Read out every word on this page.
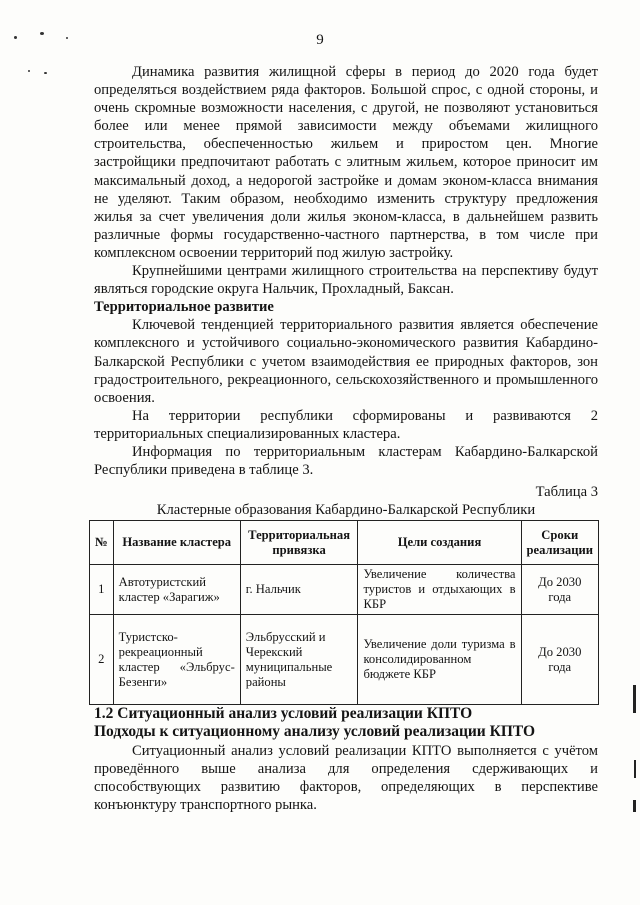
9

Динамика развития жилищной сферы в период до 2020 года будет определяться воздействием ряда факторов. Большой спрос, с одной стороны, и очень скромные возможности населения, с другой, не позволяют установиться более или менее прямой зависимости между объемами жилищного строительства, обеспеченностью жильем и приростом цен. Многие застройщики предпочитают работать с элитным жильем, которое приносит им максимальный доход, а недорогой застройке и домам эконом-класса внимания не уделяют. Таким образом, необходимо изменить структуру предложения жилья за счет увеличения доли жилья эконом-класса, в дальнейшем развить различные формы государственно-частного партнерства, в том числе при комплексном освоении территорий под жилую застройку.

Крупнейшими центрами жилищного строительства на перспективу будут являться городские округа Нальчик, Прохладный, Баксан.

Территориальное развитие

Ключевой тенденцией территориального развития является обеспечение комплексного и устойчивого социально-экономического развития Кабардино-Балкарской Республики с учетом взаимодействия ее природных факторов, зон градостроительного, рекреационного, сельскохозяйственного и промышленного освоения.

На территории республики сформированы и развиваются 2 территориальных специализированных кластера.

Информация по территориальным кластерам Кабардино-Балкарской Республики приведена в таблице 3.

Таблица 3
Кластерные образования Кабардино-Балкарской Республики
№	Название кластера	Территориальная привязка	Цели создания	Сроки реализации
1	Автотуристский кластер «Зарагиж»	г. Нальчик	Увеличение количества туристов и отдыхающих в КБР	До 2030 года
2	Туристско-рекреационный кластер «Эльбрус-Безенги»	Эльбрусский и Черекский муниципальные районы	Увеличение доли туризма в консолидированном бюджете КБР	До 2030 года

1.2 Ситуационный анализ условий реализации КПТО

Подходы к ситуационному анализу условий реализации КПТО

Ситуационный анализ условий реализации КПТО выполняется с учётом проведённого выше анализа для определения сдерживающих и способствующих развитию факторов, определяющих в перспективе конъюнктуру транспортного рынка.
